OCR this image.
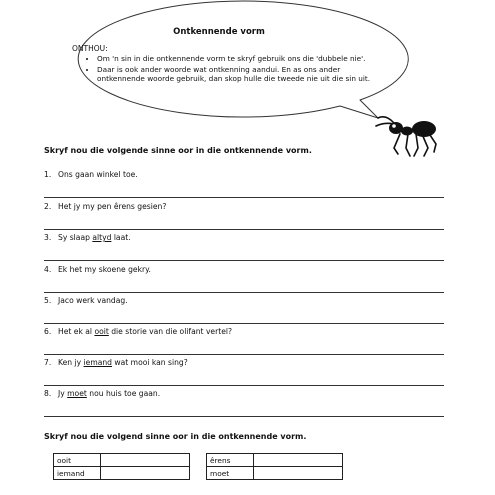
Ontkennende vorm
ONTHOU:
• Om 'n sin in die ontkennende vorm te skryf gebruik ons die 'dubbele nie'.
• Daar is ook ander woorde wat ontkenning aandui. En as ons ander ontkennende woorde gebruik, dan skop hulle die tweede nie uit die sin uit.
Skryf nou die volgende sinne oor in die ontkennende vorm.
1. Ons gaan winkel toe.
2. Het jy my pen êrens gesien?
3. Sy slaap altyd laat.
4. Ek het my skoene gekry.
5. Jaco werk vandag.
6. Het ek al ooit die storie van die olifant vertel?
7. Ken jy iemand wat mooi kan sing?
8. Jy moet nou huis toe gaan.
Skryf nou die volgend sinne oor in die ontkennende vorm.
ooit			êrens	
iemand			moet	
